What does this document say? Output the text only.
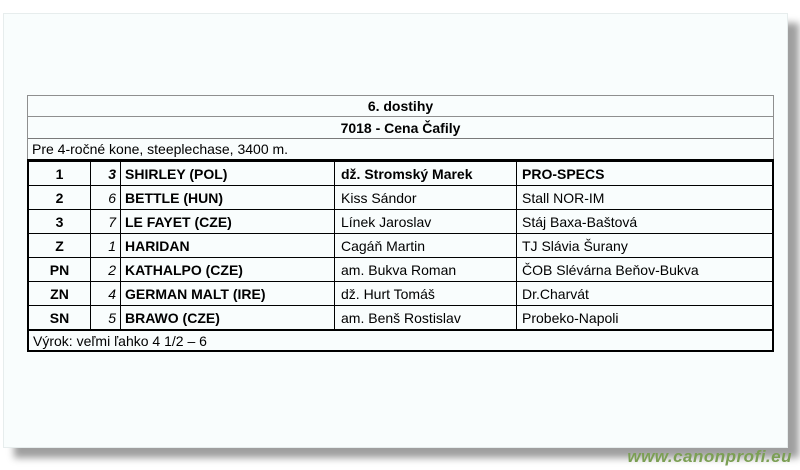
6. dostihy
7018 - Cena Čafily
Pre 4-ročné kone, steeplechase, 3400 m.
1	3 SHIRLEY (POL)	dž. Stromský Marek	PRO-SPECS
2	6 BETTLE (HUN)	Kiss Sándor	Stall NOR-IM
3	7 LE FAYET (CZE)	Línek Jaroslav	Stáj Baxa-Baštová
Z	1 HARIDAN	Cagáň Martin	TJ Slávia Šurany
PN	2 KATHALPO (CZE)	am. Bukva Roman	ČOB Slévárna Beňov-Bukva
ZN	4 GERMAN MALT (IRE)	dž. Hurt Tomáš	Dr.Charvát
SN	5 BRAWO (CZE)	am. Benš Rostislav	Probeko-Napoli
Výrok: veľmi ľahko 4 1/2 – 6
www.canonprofi.eu
